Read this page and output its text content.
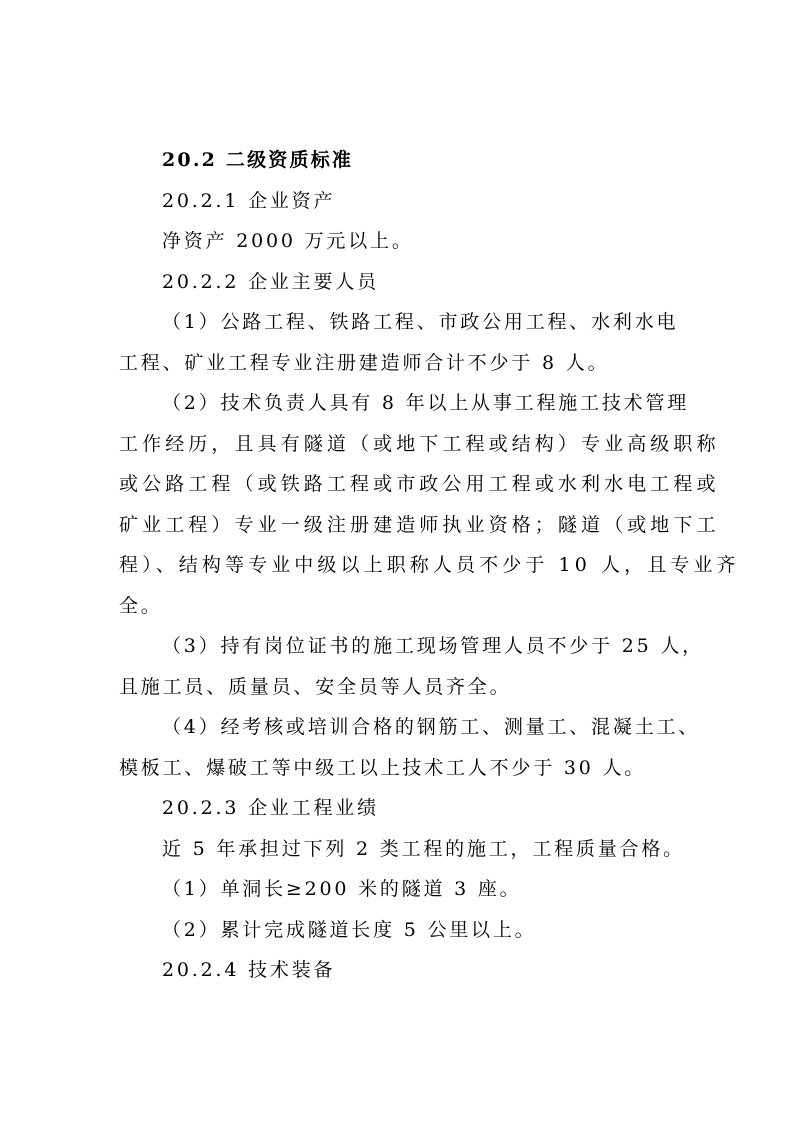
20.2 二级资质标准
20.2.1 企业资产
净资产 2000 万元以上。
20.2.2 企业主要人员
（1）公路工程、铁路工程、市政公用工程、水利水电
工程、矿业工程专业注册建造师合计不少于 8 人。
（2）技术负责人具有 8 年以上从事工程施工技术管理
工作经历，且具有隧道（或地下工程或结构）专业高级职称
或公路工程（或铁路工程或市政公用工程或水利水电工程或
矿业工程）专业一级注册建造师执业资格；隧道（或地下工
程）、结构等专业中级以上职称人员不少于 10 人，且专业齐
全。
（3）持有岗位证书的施工现场管理人员不少于 25 人，
且施工员、质量员、安全员等人员齐全。
（4）经考核或培训合格的钢筋工、测量工、混凝土工、
模板工、爆破工等中级工以上技术工人不少于 30 人。
20.2.3 企业工程业绩
近 5 年承担过下列 2 类工程的施工，工程质量合格。
（1）单洞长≥200 米的隧道 3 座。
（2）累计完成隧道长度 5 公里以上。
20.2.4 技术装备
